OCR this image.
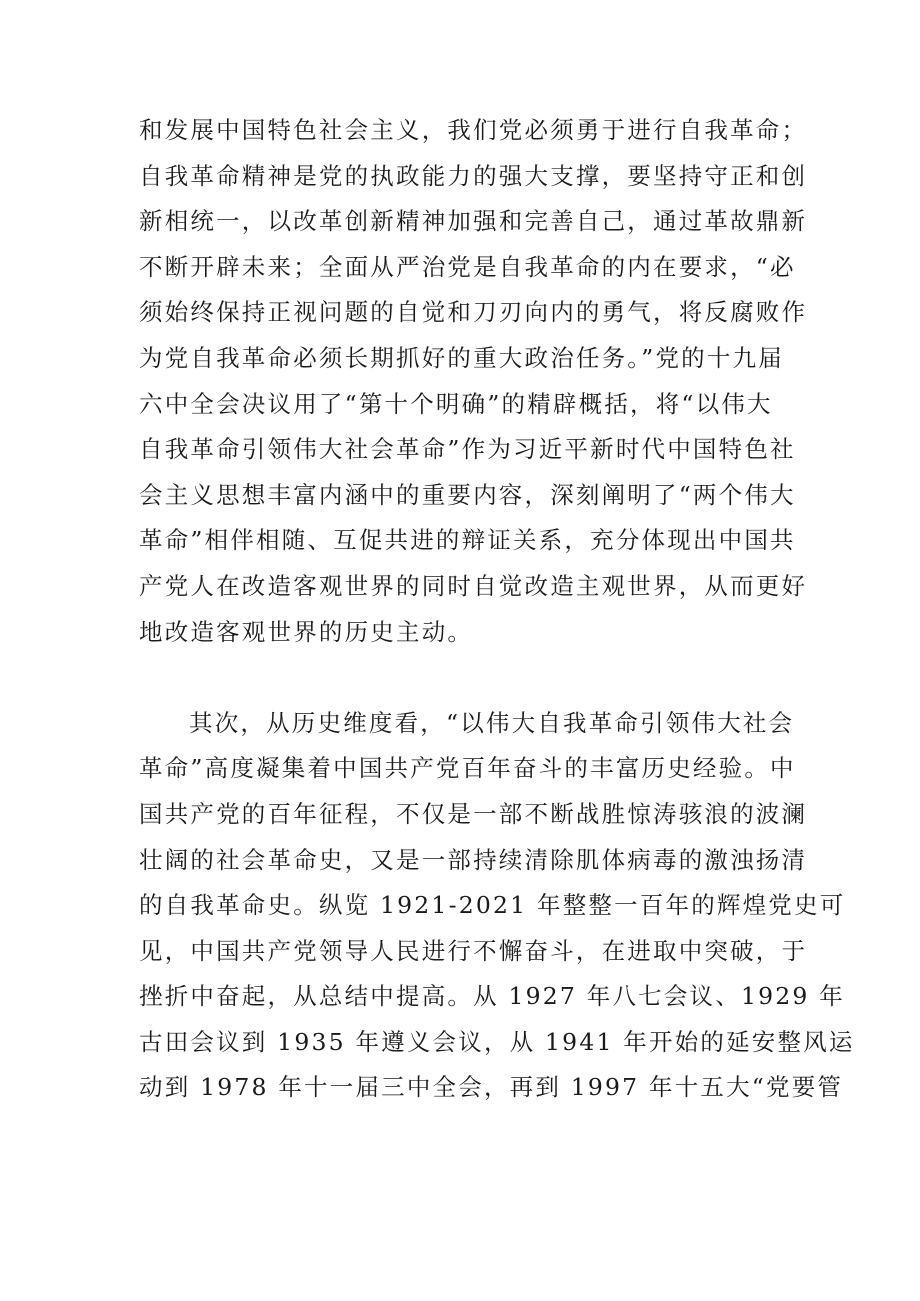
和发展中国特色社会主义，我们党必须勇于进行自我革命；
自我革命精神是党的执政能力的强大支撑，要坚持守正和创
新相统一，以改革创新精神加强和完善自己，通过革故鼎新
不断开辟未来；全面从严治党是自我革命的内在要求，“必
须始终保持正视问题的自觉和刀刃向内的勇气，将反腐败作
为党自我革命必须长期抓好的重大政治任务。”党的十九届
六中全会决议用了“第十个明确”的精辟概括，将“以伟大
自我革命引领伟大社会革命”作为习近平新时代中国特色社
会主义思想丰富内涵中的重要内容，深刻阐明了“两个伟大
革命”相伴相随、互促共进的辩证关系，充分体现出中国共
产党人在改造客观世界的同时自觉改造主观世界，从而更好
地改造客观世界的历史主动。
其次，从历史维度看，“以伟大自我革命引领伟大社会
革命”高度凝集着中国共产党百年奋斗的丰富历史经验。中
国共产党的百年征程，不仅是一部不断战胜惊涛骇浪的波澜
壮阔的社会革命史，又是一部持续清除肌体病毒的激浊扬清
的自我革命史。纵览 1921-2021 年整整一百年的辉煌党史可
见，中国共产党领导人民进行不懈奋斗，在进取中突破，于
挫折中奋起，从总结中提高。从 1927 年八七会议、1929 年
古田会议到 1935 年遵义会议，从 1941 年开始的延安整风运
动到 1978 年十一届三中全会，再到 1997 年十五大“党要管
